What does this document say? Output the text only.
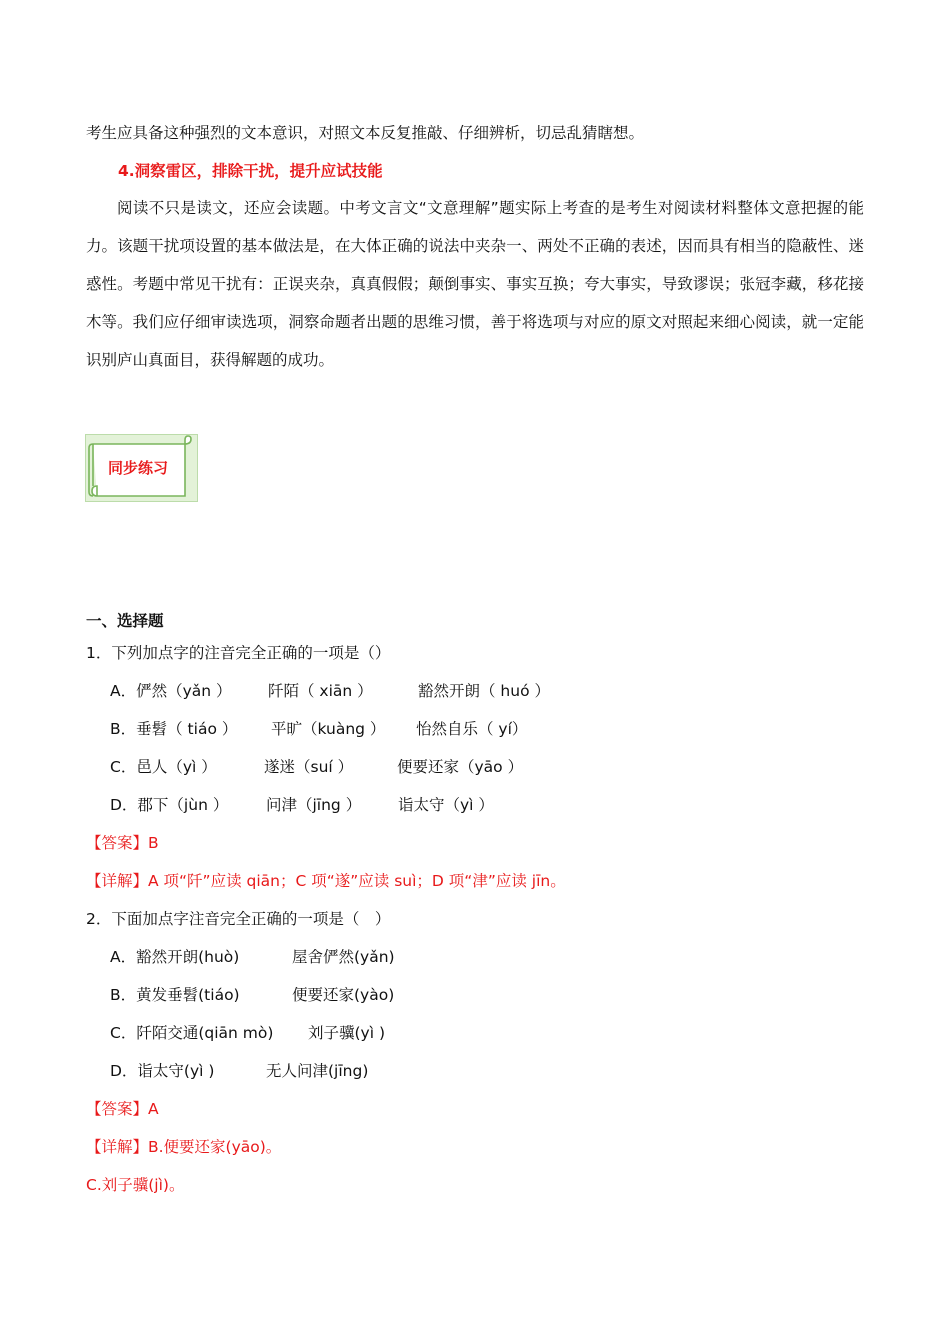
考生应具备这种强烈的文本意识，对照文本反复推敲、仔细辨析，切忌乱猜瞎想。
4.洞察雷区，排除干扰，提升应试技能
阅读不只是读文，还应会读题。中考文言文“文意理解”题实际上考查的是考生对阅读材料整体文意把握的能力。该题干扰项设置的基本做法是，在大体正确的说法中夹杂一、两处不正确的表述，因而具有相当的隐蔽性、迷惑性。考题中常见干扰有：正误夹杂，真真假假；颠倒事实、事实互换；夸大事实，导致谬误；张冠李藏，移花接木等。我们应仔细审读选项，洞察命题者出题的思维习惯，善于将选项与对应的原文对照起来细心阅读，就一定能识别庐山真面目，获得解题的成功。
同步练习
一、选择题
1．下列加点字的注音完全正确的一项是（）
A．俨然（yǎn ） 阡陌（ xiān ）	豁然开朗（ huó ）
B．垂髫（ tiáo ） 平旷（kuàng ） 怡然自乐（ yí）
C．邑人（yì ）	遂迷（suí ）	便要还家（yāo ）
D．郡下（jùn ） 问津（jīng ） 诣太守（yì ）
【答案】B
【详解】A 项“阡”应读 qiān；C 项“遂”应读 suì；D 项“津”应读 jīn。
2．下面加点字注音完全正确的一项是（　）
A．豁然开朗(huò)	屋舍俨然(yǎn)
B．黄发垂髫(tiáo)	便要还家(yào)
C．阡陌交通(qiān mò) 刘子骥(yì )
D．诣太守(yì )	无人问津(jīng)
【答案】A
【详解】B.便要还家(yāo)。
C.刘子骥(jì)。
